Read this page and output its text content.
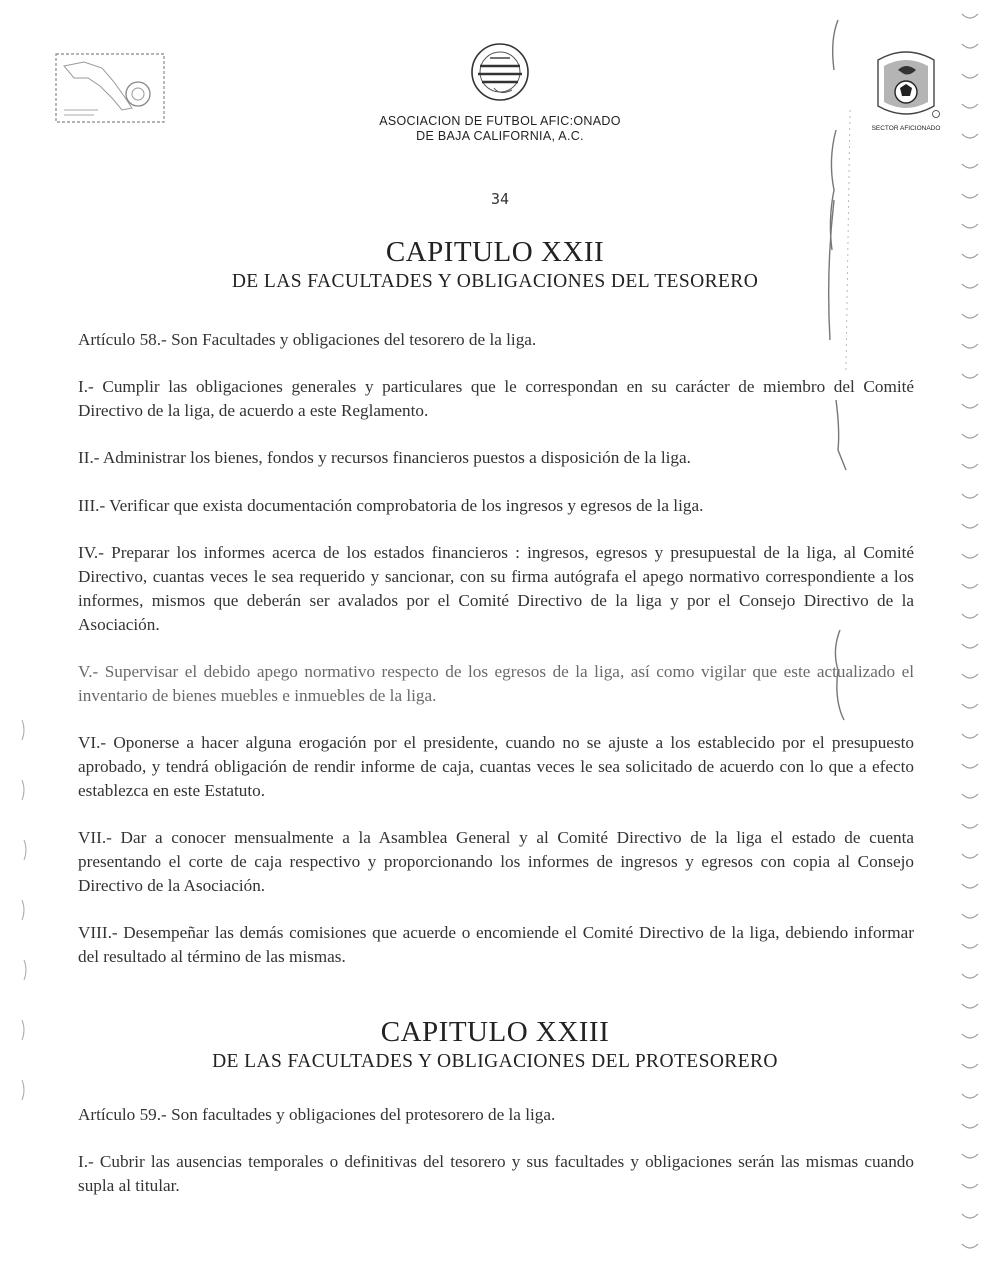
SECTOR AFICIONADO
ASOCIACION DE FUTBOL AFIC:ONADO
DE BAJA CALIFORNIA, A.C.
34
CAPITULO XXII
DE LAS FACULTADES Y OBLIGACIONES DEL TESORERO
Artículo 58.- Son Facultades y obligaciones del tesorero de la liga.
I.- Cumplir las obligaciones generales y particulares que le correspondan en su carácter de miembro del Comité Directivo de la liga, de acuerdo a este Reglamento.
II.- Administrar los bienes, fondos y recursos financieros puestos a disposición de la liga.
III.- Verificar que exista documentación comprobatoria de los ingresos y egresos de la liga.
IV.- Preparar los informes acerca de los estados financieros : ingresos, egresos y presupuestal de la liga, al Comité Directivo, cuantas veces le sea requerido y sancionar, con su firma autógrafa el apego normativo correspondiente a los informes, mismos que deberán ser avalados por el Comité Directivo de la liga y por el Consejo Directivo de la Asociación.
V.- Supervisar el debido apego normativo respecto de los egresos de la liga, así como vigilar que este actualizado el inventario de bienes muebles e inmuebles de la liga.
VI.- Oponerse a hacer alguna erogación por el presidente, cuando no se ajuste a los establecido por el presupuesto aprobado, y tendrá obligación de rendir informe de caja, cuantas veces le sea solicitado de acuerdo con lo que a efecto establezca en este Estatuto.
VII.- Dar a conocer mensualmente a la Asamblea General y al Comité Directivo de la liga el estado de cuenta presentando el corte de caja respectivo y proporcionando los informes de ingresos y egresos con copia al Consejo Directivo de la Asociación.
VIII.- Desempeñar las demás comisiones que acuerde o encomiende el Comité Directivo de la liga, debiendo informar del resultado al término de las mismas.
CAPITULO XXIII
DE LAS FACULTADES Y OBLIGACIONES DEL PROTESORERO
Artículo 59.- Son facultades y obligaciones del protesorero de la liga.
I.- Cubrir las ausencias temporales o definitivas del tesorero y sus facultades y obligaciones serán las mismas cuando supla al titular.
